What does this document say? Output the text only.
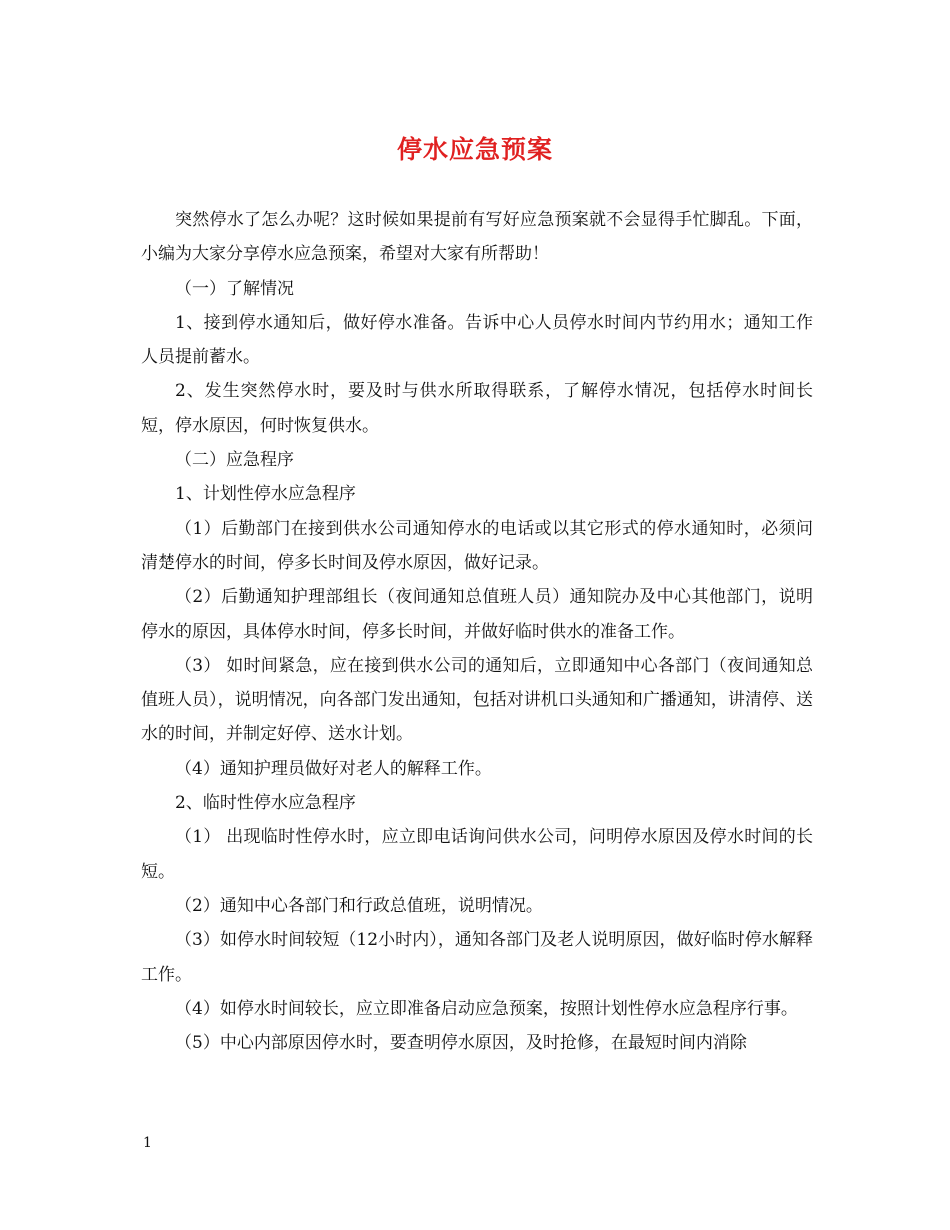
停水应急预案

突然停水了怎么办呢？这时候如果提前有写好应急预案就不会显得手忙脚乱。下面，小编为大家分享停水应急预案，希望对大家有所帮助！

（一）了解情况

1、接到停水通知后，做好停水准备。告诉中心人员停水时间内节约用水；通知工作人员提前蓄水。

2、发生突然停水时，要及时与供水所取得联系，了解停水情况，包括停水时间长短，停水原因，何时恢复供水。

（二）应急程序

1、计划性停水应急程序

（1）后勤部门在接到供水公司通知停水的电话或以其它形式的停水通知时，必须问清楚停水的时间，停多长时间及停水原因，做好记录。

（2）后勤通知护理部组长（夜间通知总值班人员）通知院办及中心其他部门，说明停水的原因，具体停水时间，停多长时间，并做好临时供水的准备工作。

（3） 如时间紧急，应在接到供水公司的通知后，立即通知中心各部门（夜间通知总值班人员），说明情况，向各部门发出通知，包括对讲机口头通知和广播通知，讲清停、送水的时间，并制定好停、送水计划。

（4）通知护理员做好对老人的解释工作。

2、临时性停水应急程序

（1） 出现临时性停水时，应立即电话询问供水公司，问明停水原因及停水时间的长短。

（2）通知中心各部门和行政总值班，说明情况。

（3）如停水时间较短（12小时内），通知各部门及老人说明原因，做好临时停水解释工作。

（4）如停水时间较长，应立即准备启动应急预案，按照计划性停水应急程序行事。

（5）中心内部原因停水时，要查明停水原因，及时抢修，在最短时间内消除

1
